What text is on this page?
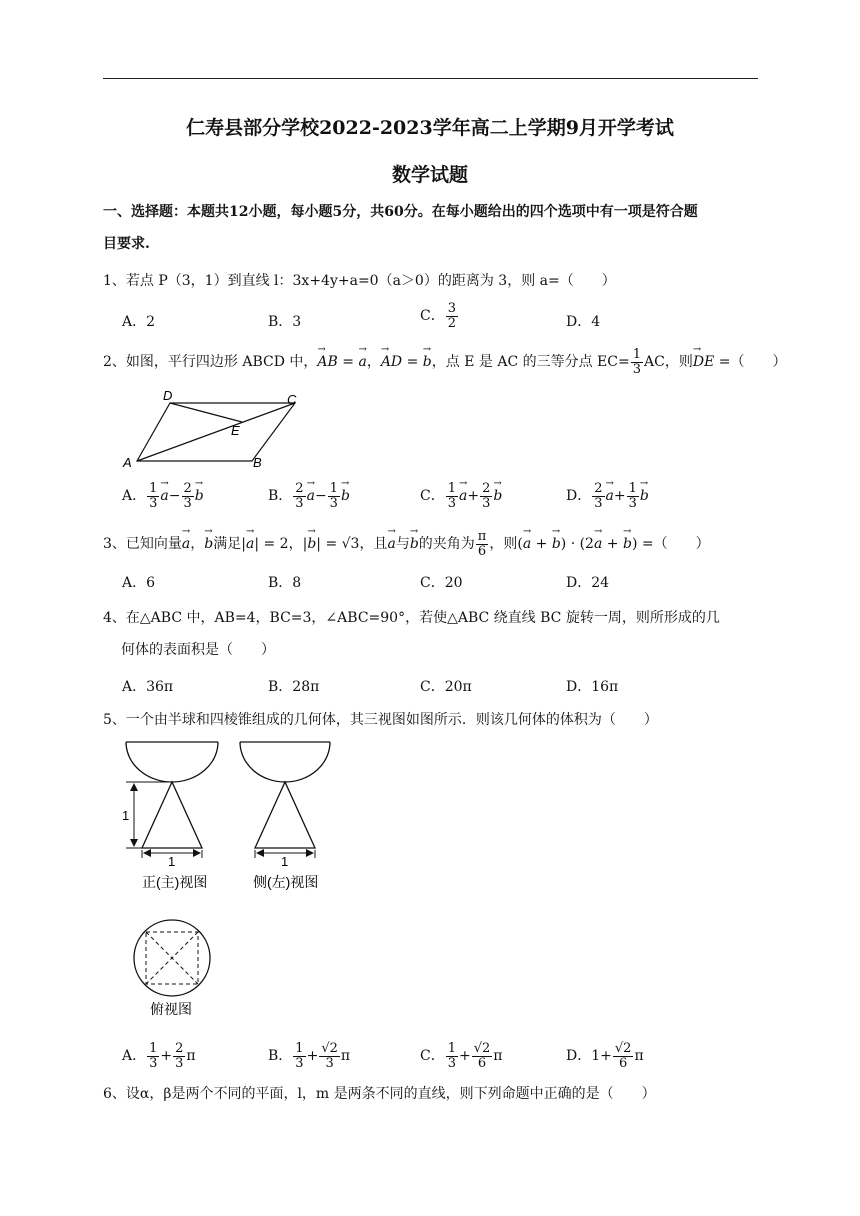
仁寿县部分学校2022-2023学年高二上学期9月开学考试
数学试题
一、选择题：本题共12小题，每小题5分，共60分。在每小题给出的四个选项中有一项是符合题
目要求.
1、若点 P（3，1）到直线 l：3x+4y+a=0（a＞0）的距离为 3，则 a=（　　）
A．2	B．3	C． $\frac{3}{2}$	D．4
2、如图，平行四边形 ABCD 中，→ AB = → a，→ AD = → b，点 E 是 AC 的三等分点 $EC= \frac{1}{3}$ AC，则→ DE =（　　）
A	B
C
D
E
A． $\frac{1}{3}$
→ $a- \frac{2}{3}$
→ b	B． $\frac{2}{3}$
→ $a- \frac{1}{3}$
→ b	C． $\frac{1}{3}$
→ $a+ \frac{2}{3}$
→ b	D． $\frac{2}{3}$
→ $a+ \frac{1}{3}$
→ b
3、已知向量→ a，→ b满足|→ a| = 2，|→ b| = √3，且→ a与→ b的夹角为 $\frac{\pi}{6}$ ，则(→ a + → b) · (2→ a + → b) =（　　）
A．6	B．8	C．20	D．24
4、在△ABC 中，AB=4，BC=3，∠ABC=90°，若使△ABC 绕直线 BC 旋转一周，则所形成的几
何体的表面积是（　　）
A．36π	B．28π	C．20π	D．16π
5、一个由半球和四棱锥组成的几何体，其三视图如图所示．则该几何体的体积为（　　）
1
1
正(主)视图
1
侧(左)视图
俯视图
A． $\frac{1}{3} + \frac{2}{3}$ π	B． $\frac{1}{3} + \frac{√2}{3}$ π	C． $\frac{1}{3} + \frac{√2}{6}$ π	D．$1+ \frac{√2}{6}$ π
6、设α，β是两个不同的平面，l，m 是两条不同的直线，则下列命题中正确的是（　　）
